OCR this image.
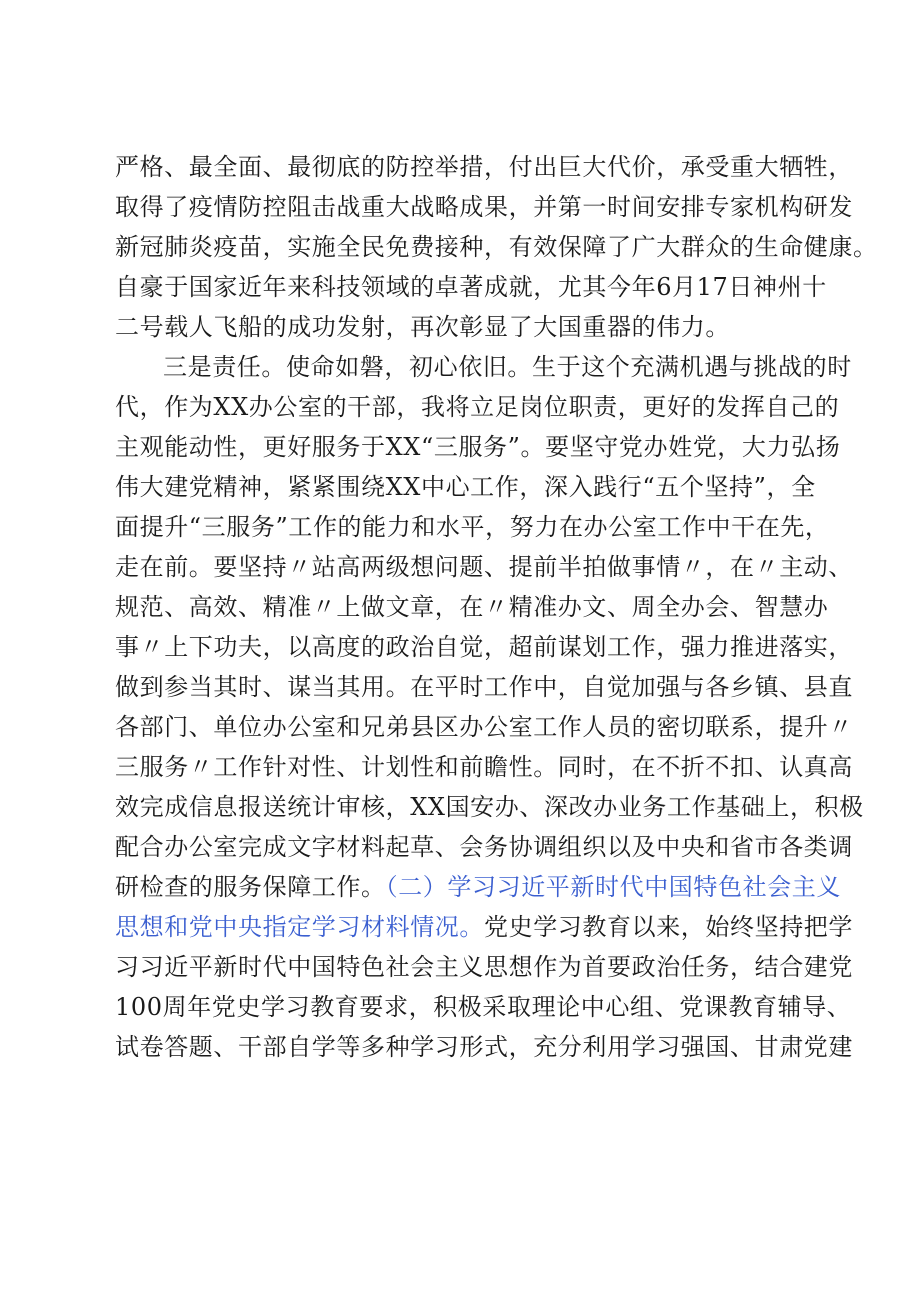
严格、最全面、最彻底的防控举措，付出巨大代价，承受重大牺牲，
取得了疫情防控阻击战重大战略成果，并第一时间安排专家机构研发
新冠肺炎疫苗，实施全民免费接种，有效保障了广大群众的生命健康。
自豪于国家近年来科技领域的卓著成就，尤其今年6月17日神州十
二号载人飞船的成功发射，再次彰显了大国重器的伟力。
三是责任。使命如磐，初心依旧。生于这个充满机遇与挑战的时
代，作为XX办公室的干部，我将立足岗位职责，更好的发挥自己的
主观能动性，更好服务于XX“三服务”。要坚守党办姓党，大力弘扬
伟大建党精神，紧紧围绕XX中心工作，深入践行“五个坚持”，全
面提升“三服务”工作的能力和水平，努力在办公室工作中干在先，
走在前。要坚持〃站高两级想问题、提前半拍做事情〃，在〃主动、
规范、高效、精准〃上做文章，在〃精准办文、周全办会、智慧办
事〃上下功夫，以高度的政治自觉，超前谋划工作，强力推进落实，
做到参当其时、谋当其用。在平时工作中，自觉加强与各乡镇、县直
各部门、单位办公室和兄弟县区办公室工作人员的密切联系，提升〃
三服务〃工作针对性、计划性和前瞻性。同时，在不折不扣、认真高
效完成信息报送统计审核，XX国安办、深改办业务工作基础上，积极
配合办公室完成文字材料起草、会务协调组织以及中央和省市各类调
研检查的服务保障工作。（二）学习习近平新时代中国特色社会主义
思想和党中央指定学习材料情况。党史学习教育以来，始终坚持把学
习习近平新时代中国特色社会主义思想作为首要政治任务，结合建党
100周年党史学习教育要求，积极采取理论中心组、党课教育辅导、
试卷答题、干部自学等多种学习形式，充分利用学习强国、甘肃党建
